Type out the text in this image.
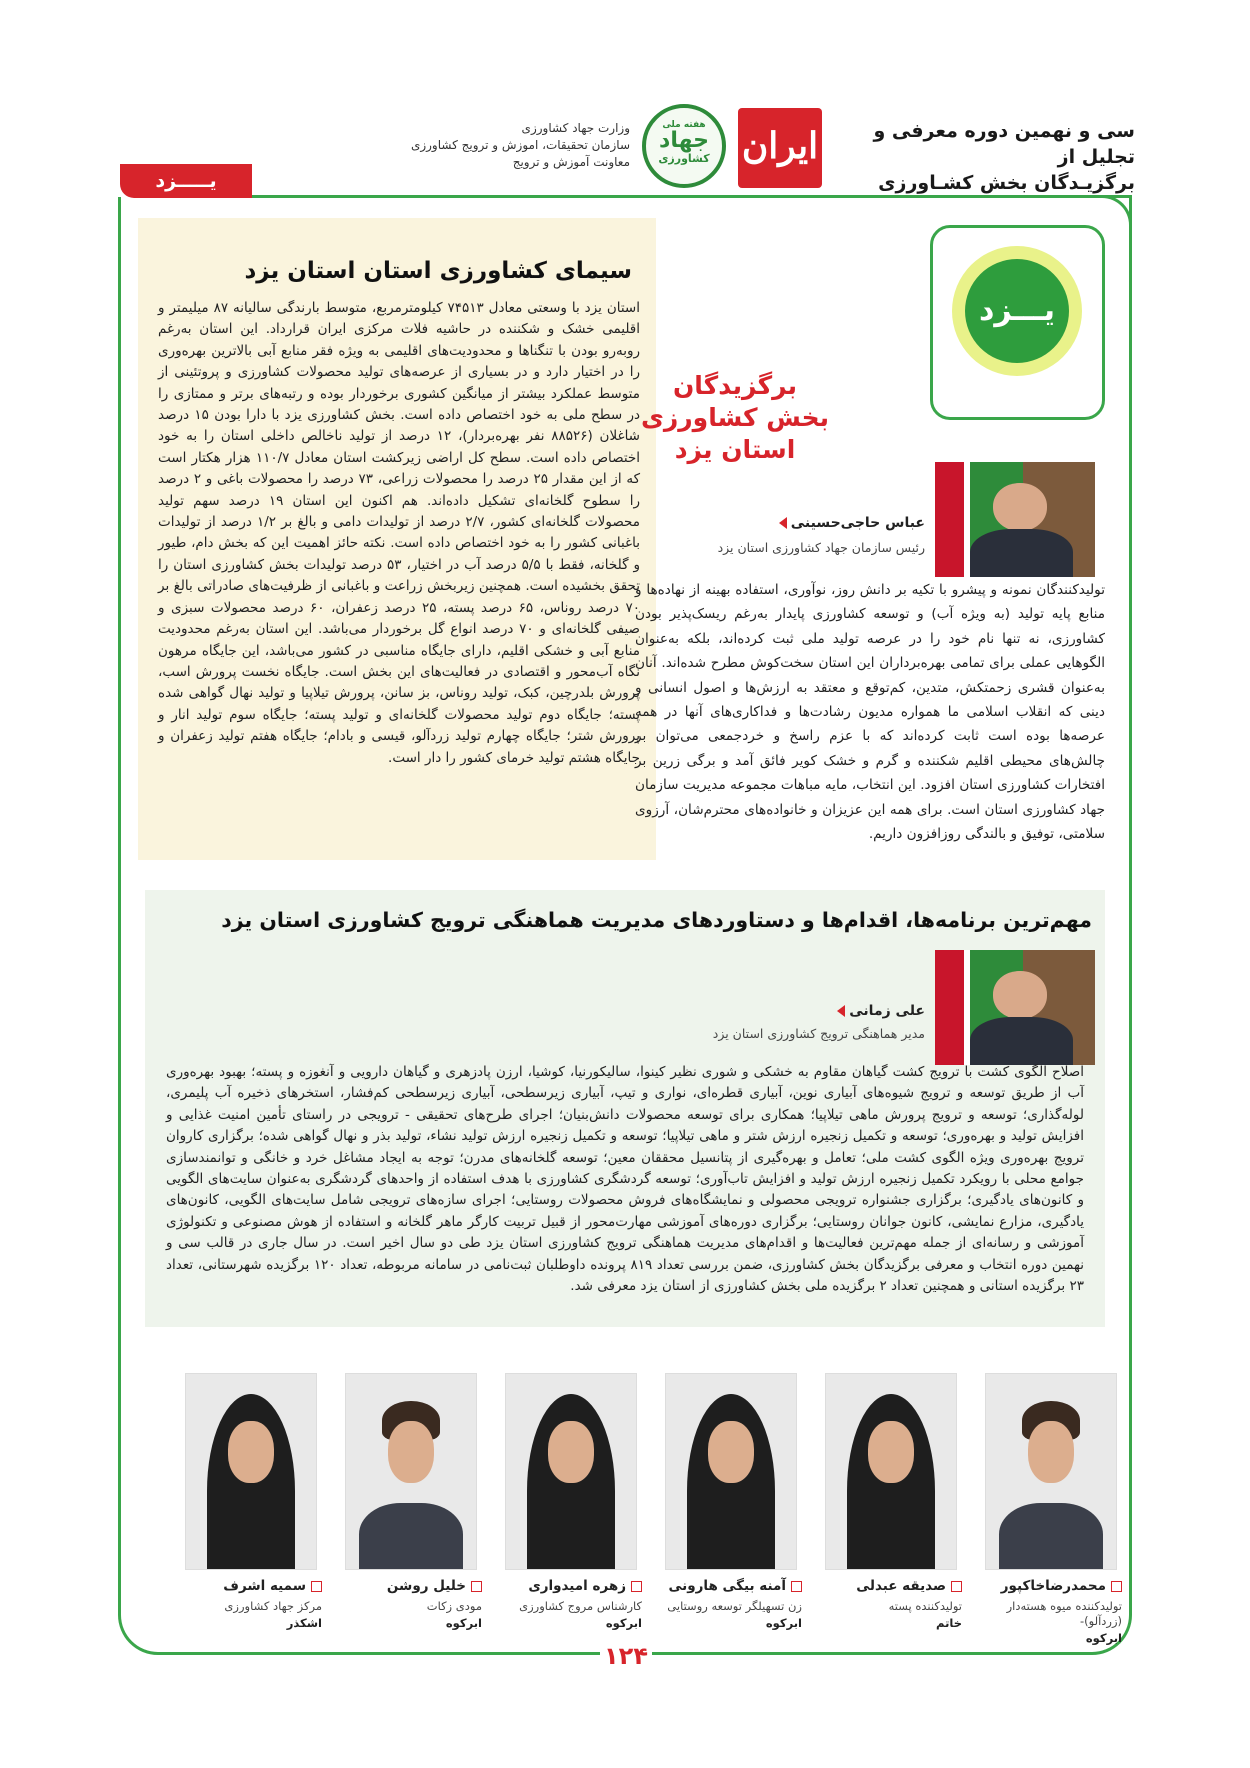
سی و نهمین دوره معرفی و تجلیل از
برگزیـدگان بخش کشـاورزی
ایران
هفته ملی
جهاد
کشاورزی
وزارت جهاد کشاورزی
سازمان تحقیقات، اموزش و ترویج کشاورزی
معاونت آموزش و ترویج
یـــــزد
سیمای کشاورزی استان استان یزد
استان یزد با وسعتی معادل ۷۴۵۱۳ کیلومترمربع، متوسط بارندگی سالیانه ۸۷ میلیمتر و اقلیمی خشک و شکننده در حاشیه فلات مرکزی ایران قرارداد. این استان به‌رغم روبه‌رو بودن با تنگناها و محدودیت‌های اقلیمی به ویژه فقر منابع آبی بالاترین بهره‌وری را در اختیار دارد و در بسیاری از عرصه‌های تولید محصولات کشاورزی و پروتئینی از متوسط عملکرد بیشتر از میانگین کشوری برخوردار بوده و رتبه‌های برتر و ممتازی را در سطح ملی به خود اختصاص داده است. بخش کشاورزی یزد با دارا بودن ۱۵ درصد شاغلان (۸۸۵۲۶ نفر بهره‌بردار)، ۱۲ درصد از تولید ناخالص داخلی استان را به خود اختصاص داده است. سطح کل اراضی زیرکشت استان معادل ۱۱۰/۷ هزار هکتار است که از این مقدار ۲۵ درصد را محصولات زراعی، ۷۳ درصد را محصولات باغی و ۲ درصد را سطوح گلخانه‌ای تشکیل داده‌اند. هم اکنون این استان ۱۹ درصد سهم تولید محصولات گلخانه‌ای کشور، ۲/۷ درصد از تولیدات دامی و بالغ بر ۱/۲ درصد از تولیدات باغبانی کشور را به خود اختصاص داده است. نکته حائز اهمیت این که بخش دام، طیور و گلخانه، فقط با ۵/۵ درصد آب در اختیار، ۵۳ درصد تولیدات بخش کشاورزی استان را تحقق بخشیده است. همچنین زیربخش زراعت و باغبانی از ظرفیت‌های صادراتی بالغ بر ۷۰ درصد روناس، ۶۵ درصد پسته، ۲۵ درصد زعفران، ۶۰ درصد محصولات سبزی و صیفی گلخانه‌ای و ۷۰ درصد انواع گل برخوردار می‌باشد. این استان به‌رغم محدودیت منابع آبی و خشکی اقلیم، دارای جایگاه مناسبی در کشور می‌باشد، این جایگاه مرهون نگاه آب‌محور و اقتصادی در فعالیت‌های این بخش است. جایگاه نخست پرورش اسب، پرورش بلدرچین، کبک، تولید روناس، بز سانن، پرورش تیلاپیا و تولید نهال گواهی شده پسته؛ جایگاه دوم تولید محصولات گلخانه‌ای و تولید پسته؛ جایگاه سوم تولید انار و پرورش شتر؛ جایگاه چهارم تولید زردآلو، قیسی و بادام؛ جایگاه هفتم تولید زعفران و جایگاه هشتم تولید خرمای کشور را دار است.
یـــزد
برگزیدگان
بخش کشاورزی
استان یزد
عباس حاجی‌حسینی
رئیس سازمان جهاد کشاورزی استان یزد
تولیدکنندگان نمونه و پیشرو با تکیه بر دانش روز، نوآوری، استفاده بهینه از نهاده‌ها و منابع پایه تولید (به ویژه آب) و توسعه کشاورزی پایدار به‌رغم ریسک‌پذیر بودن کشاورزی، نه تنها نام خود را در عرصه تولید ملی ثبت کرده‌اند، بلکه به‌عنوان الگوهایی عملی برای تمامی بهره‌برداران این استان سخت‌کوش مطرح شده‌اند. آنان به‌عنوان قشری زحمتکش، متدین، کم‌توقع و معتقد به ارزش‌ها و اصول انسانی و دینی که انقلاب اسلامی ما همواره مدیون رشادت‌ها و فداکاری‌های آنها در همه عرصه‌ها بوده است ثابت کرده‌اند که با عزم راسخ و خردجمعی می‌توان بر چالش‌های محیطی اقلیم شکننده و گرم و خشک کویر فائق آمد و برگی زرین بر افتخارات کشاورزی استان افزود. این انتخاب، مایه مباهات مجموعه مدیریت سازمان جهاد کشاورزی استان است. برای همه این عزیزان و خانواده‌های محترم‌شان، آرزوی سلامتی، توفیق و بالندگی روزافزون داریم.
مهم‌ترین برنامه‌ها، اقدام‌ها و دستاوردهای مدیریت هماهنگی ترویج کشاورزی استان یزد
علی زمانی
مدیر هماهنگی ترویج کشاورزی استان یزد
اصلاح الگوی کشت با ترویج کشت گیاهان مقاوم به خشکی و شوری نظیر کینوا، سالیکورنیا، کوشیا، ارزن پادزهری و گیاهان دارویی و آنغوزه و پسته؛ بهبود بهره‌وری آب از طریق توسعه و ترویج شیوه‌های آبیاری نوین، آبیاری قطره‌ای، نواری و تیپ، آبیاری زیرسطحی، آبیاری زیرسطحی کم‌فشار، استخرهای ذخیره آب پلیمری، لوله‌گذاری؛ توسعه و ترویج پرورش ماهی تیلاپیا؛ همکاری برای توسعه محصولات دانش‌بنیان؛ اجرای طرح‌های تحقیقی - ترویجی در راستای تأمین امنیت غذایی و افزایش تولید و بهره‌وری؛ توسعه و تکمیل زنجیره ارزش شتر و ماهی تیلاپیا؛ توسعه و تکمیل زنجیره ارزش تولید نشاء، تولید بذر و نهال گواهی شده؛ برگزاری کاروان ترویج بهره‌وری ویژه الگوی کشت ملی؛ تعامل و بهره‌گیری از پتانسیل محققان معین؛ توسعه گلخانه‌های مدرن؛ توجه به ایجاد مشاغل خرد و خانگی و توانمندسازی جوامع محلی با رویکرد تکمیل زنجیره ارزش تولید و افزایش تاب‌آوری؛ توسعه گردشگری کشاورزی با هدف استفاده از واحدهای گردشگری به‌عنوان سایت‌های الگویی و کانون‌های یادگیری؛ برگزاری جشنواره ترویجی محصولی و نمایشگاه‌های فروش محصولات روستایی؛ اجرای سازه‌های ترویجی شامل سایت‌های الگویی، کانون‌های یادگیری، مزارع نمایشی، کانون جوانان روستایی؛ برگزاری دوره‌های آموزشی مهارت‌محور از قبیل تربیت کارگر ماهر گلخانه و استفاده از هوش مصنوعی و تکنولوژی آموزشی و رسانه‌ای از جمله مهم‌ترین فعالیت‌ها و اقدام‌های مدیریت هماهنگی ترویج کشاورزی استان یزد طی دو سال اخیر است. در سال جاری در قالب سی و نهمین دوره انتخاب و معرفی برگزیدگان بخش کشاورزی، ضمن بررسی تعداد ۸۱۹ پرونده داوطلبان ثبت‌نامی در سامانه مربوطه، تعداد ۱۲۰ برگزیده شهرستانی، تعداد ۲۳ برگزیده استانی و همچنین تعداد ۲ برگزیده ملی بخش کشاورزی از استان یزد معرفی شد.
محمدرضاخاکپور
تولیدکننده میوه هسته‌دار (زردآلو)-
ابرکوه
صدیقه عبدلی
تولیدکننده پسته
خاتم
آمنه بیگی هارونی
زن تسهیلگر توسعه روستایی
ابرکوه
زهره امیدواری
کارشناس مروج کشاورزی
ابرکوه
خلیل روشن
مودی زکات
ابرکوه
سمیه اشرف
مرکز جهاد کشاورزی
اشکذر
۱۲۴
